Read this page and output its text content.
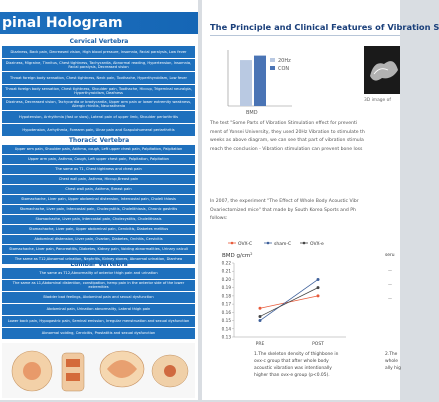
pinal Hologram
Cervical Vertebra
Dizziness, Back pain, Decreased vision, High blood pressure, Insomnia, Facial paralysis, Low fever
Dizziness, Migraine, Tinnitus, Chest tightness, Tachycardia, Abnormal reading, Hypertension, Insomnia, Facial paralysis, Decreased vision
Throat foreign body sensation, Chest tightness, Neck pain, Toothache, Hyperthyroidism, Low fever
Throat foreign body sensation, Chest tightness, Shoulder pain, Toothache, Hiccup, Trigeminal neuralgia, Hyperthyroidism, Deafness
Dizziness, Decreased vision, Tachycardia or bradycardia, Upper arm pain or lower extremity weakness, Allergic rhinitis, Neurasthenia
Hypotension, Arrhythmia (fast or slow), Lateral pain of upper limb, Shoulder periarthritis
Hypotension, Arrhythmia, Forearm pain, Ulnar pain and Scapulohumeral periarthritis
Thoracic Vertebra
Upper arm pain, Shoulder pain, Asthma, cough, Left upper chest pain, Palpitation, Palpitation
Upper arm pain, Asthma, Cough, Left upper chest pain, Palpitation, Palpitation
The same as T1, Chest tightness and chest pain
Chest wall pain, Asthma, Hiccup,Breast pain
Chest wall pain, Asthma, Breast pain
Stomachache, Liver pain, Upper abdominal distension, Intercostal pain, Choleli thiasis
Stomachache, Liver pain, Intercostal pain, Cholecystitis, Cholelithiasis, Chronic gastritis
Stomachache, Liver pain, Intercostal pain, Cholecystitis, Cholelithiasis
Stomachache, Liver pain, Upper abdominal pain, Cervicitis, Diabetes mellitus
Abdominal distension, Liver pain, Ovarian, Diabetes, Orchitis, Cervicitis
Stomachache, Liver pain, Pancreatitis, Diabetes, Kidney pain, Voiding abnormalities, Urinary calculi
The same as T12,Abnormal urination, Nephritis, Kidney stones, Abnormal urination, Diarrhea
Lumbar Vertebra
The same as T12,Abnormality of anterior thigh pain and urination
The same as L1,Abdominal distention, constipation, hemp pain in the anterior side of the lower extremities
Bladder bad feelings, Abdominal pain and sexual dysfunction
Abdominal pain, Urination abnormality, Lateral thigh pain
Lower back pain, Hypogastric pain, Seminal emission, Irregular menstruation and sexual dysfunction
Abnormal voiding, Cervicitis, Prostatitis and sexual dysfunction
The Principle and Clinical Features of Vibration S
20Hz
CON
BMD
3D image of
The test "Some Parts of Vibration Stimulation effect for preventi
ment of Yonsei University, they used 20Hz Vibration to stimulate th
weeks as above diagram, we can see that part of vibration stimula
reach the conclusion - Vibration stimulation can prevent bone loss
In 2007, the experiment "The Effect of Whole Body Acoustic Vibr
Ovariectomized mice" that made by South Korea Sports and Ph
follows:
OVX-C	sham-C	OVX-e
BMD $g/cm^2$
0.13
0.14
0.15
0.16
0.17
0.18
0.19
0.20
0.21
0.22
PRE	POST
1.The skeleton density of thighbone in
ovx-c group that after whole body
acoustic vibration was intentionally
higher than ovx-e group (p<0.05).
2.The
whole
ally hig
seru
—
—
—
